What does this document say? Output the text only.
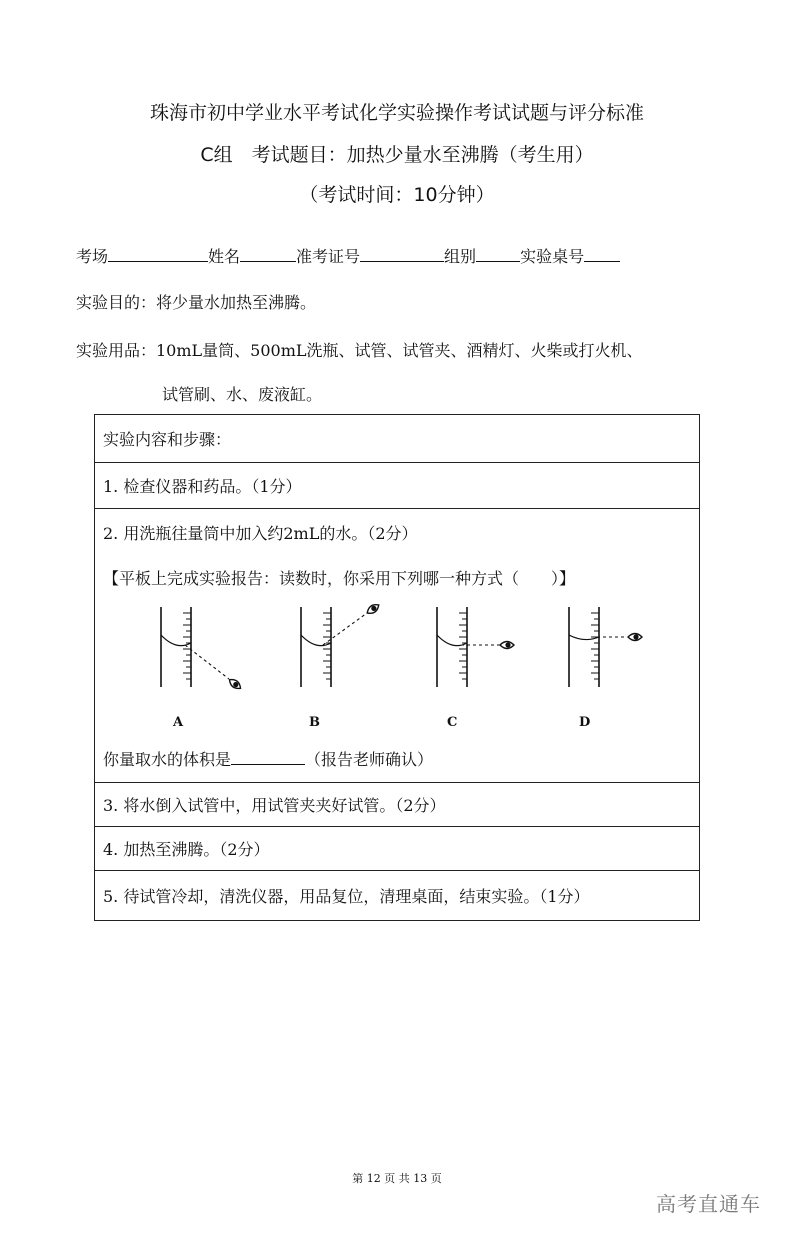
珠海市初中学业水平考试化学实验操作考试试题与评分标准
C组　考试题目：加热少量水至沸腾（考生用）
（考试时间：10分钟）
考场	姓名	准考证号	组别	实验桌号
实验目的：将少量水加热至沸腾。
实验用品：10mL量筒、500mL洗瓶、试管、试管夹、酒精灯、火柴或打火机、
试管刷、水、废液缸。
实验内容和步骤：
1. 检查仪器和药品。（1分）

2. 用洗瓶往量筒中加入约2mL的水。（2分）
【平板上完成实验报告：读数时，你采用下列哪一种方式（　　）】
A	B	C	D
你量取水的体积是	（报告老师确认）

3. 将水倒入试管中，用试管夹夹好试管。（2分）
4. 加热至沸腾。（2分）
5. 待试管冷却，清洗仪器，用品复位，清理桌面，结束实验。（1分）
第 12 页 共 13 页
高考直通车
